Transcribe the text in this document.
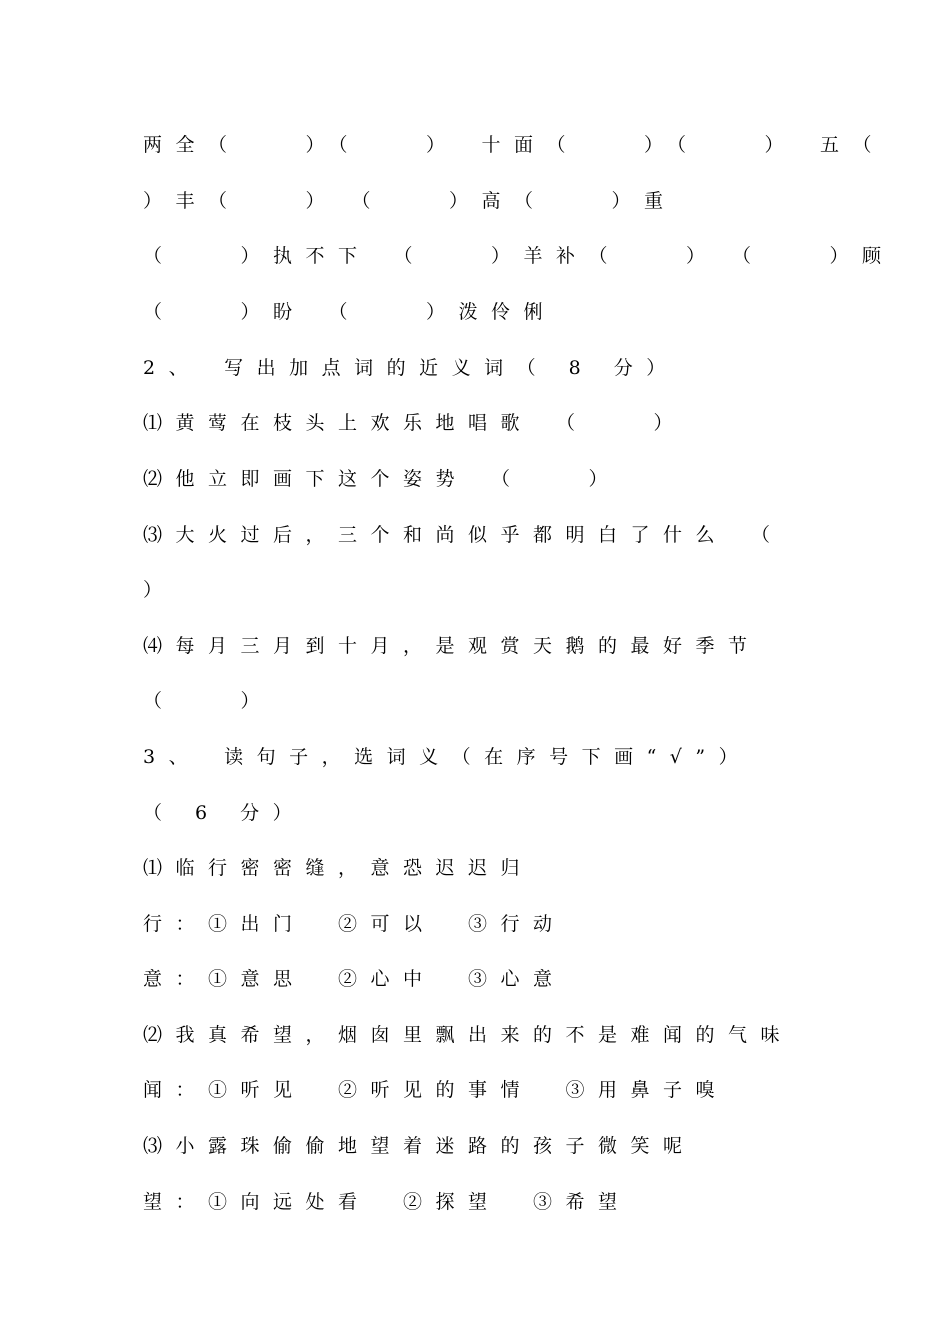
两全（　　）（　　）　十面（　　）（　　）　五（
）丰（　　）　（　　）高（　　）重
（　　）执不下　（　　）羊补（　　）　（　　）顾
（　　）盼　（　　）泼伶俐
2、　写出加点词的近义词（ 8 分）
⑴黄莺在枝头上欢乐地唱歌　（　　）
⑵他立即画下这个姿势　（　　）
⑶大火过后，三个和尚似乎都明白了什么　（
）
⑷每月三月到十月，是观赏天鹅的最好季节
（　　）
3、　读句子，选词义（在序号下画“√”）
（ 6 分）
⑴临行密密缝，意恐迟迟归
行：①出门　②可以　③行动
意：①意思　②心中　③心意
⑵我真希望，烟囱里飘出来的不是难闻的气味
闻：①听见　②听见的事情　③用鼻子嗅
⑶小露珠偷偷地望着迷路的孩子微笑呢
望：①向远处看　②探望　③希望
